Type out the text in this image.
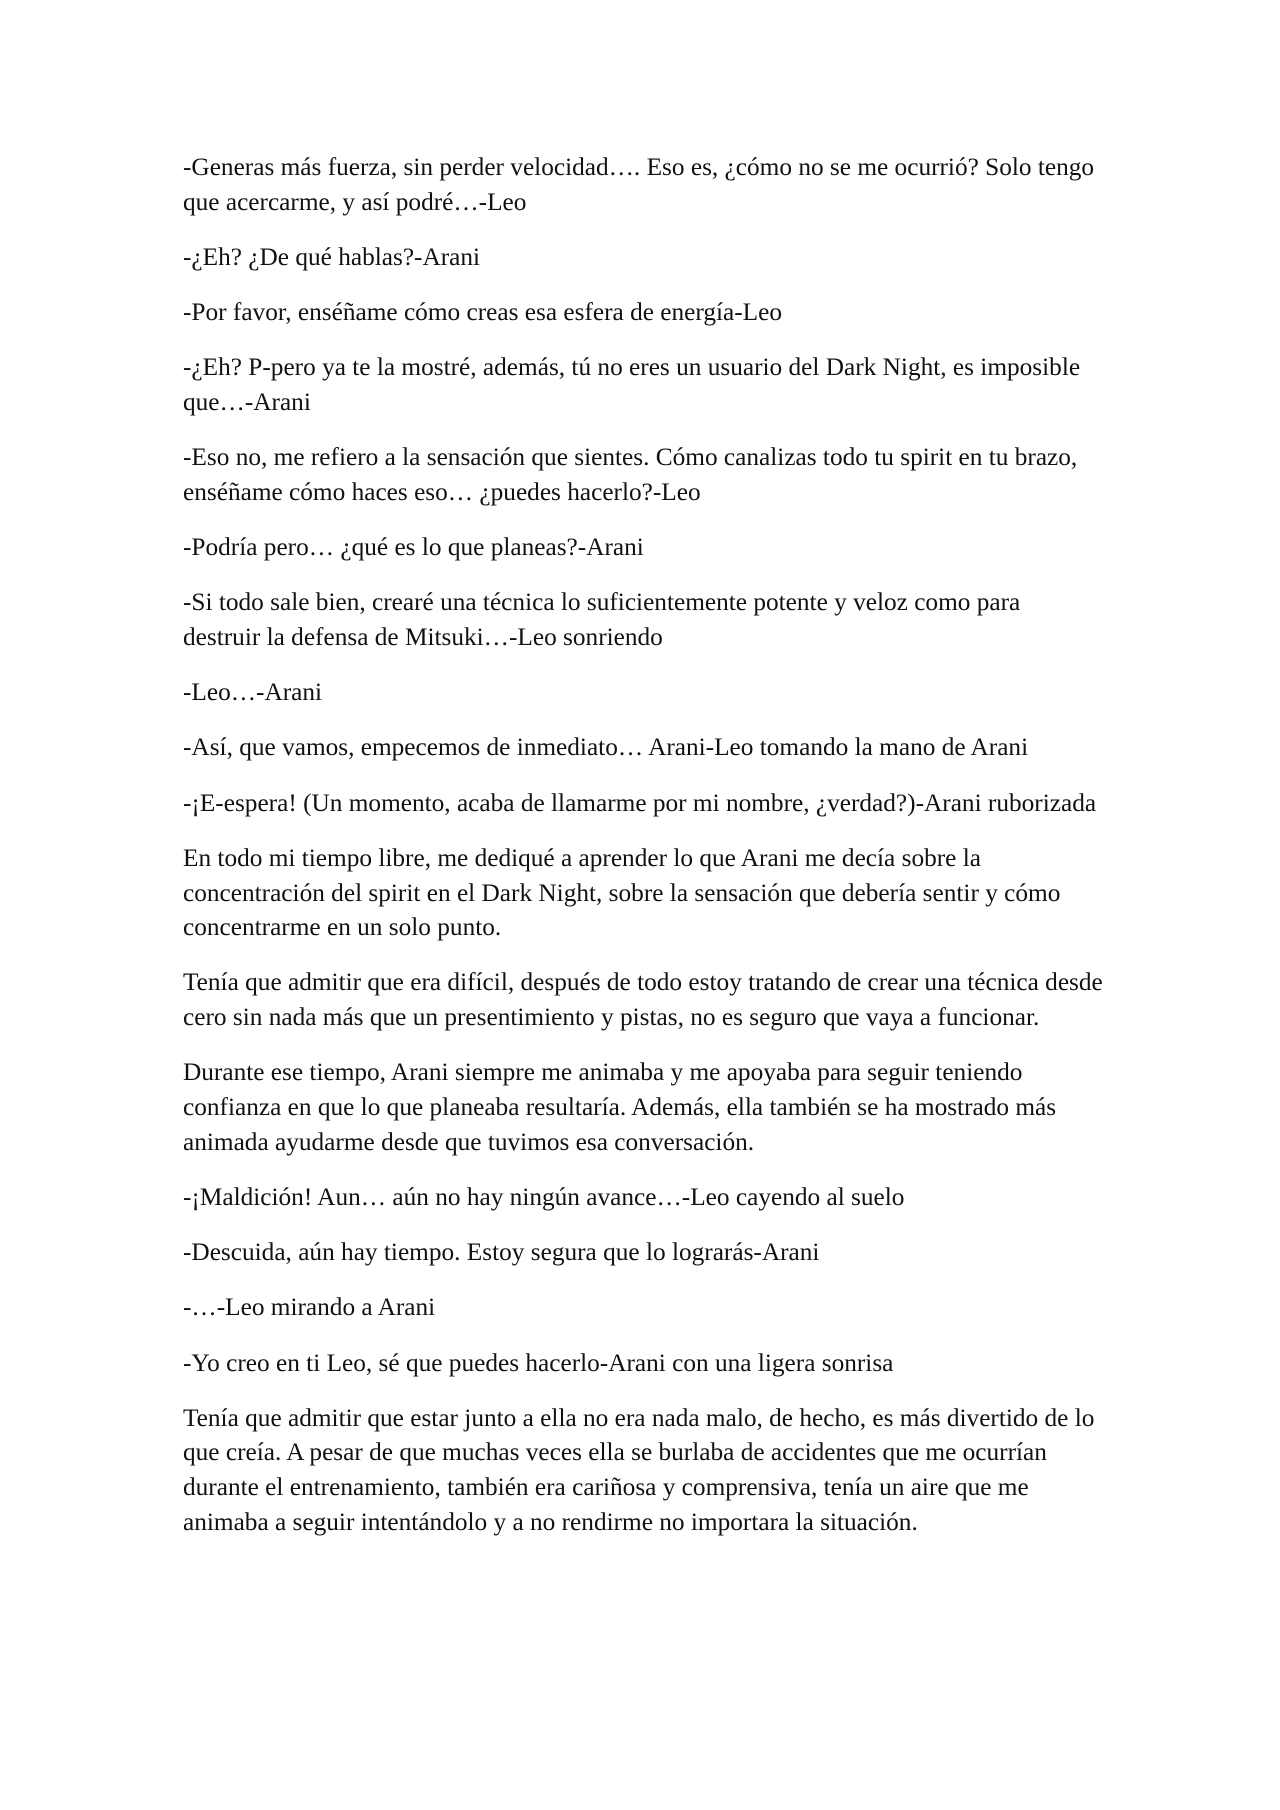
-Generas más fuerza, sin perder velocidad…. Eso es, ¿cómo no se me ocurrió? Solo tengo que acercarme, y así podré…-Leo

-¿Eh? ¿De qué hablas?-Arani

-Por favor, enséñame cómo creas esa esfera de energía-Leo

-¿Eh? P-pero ya te la mostré, además, tú no eres un usuario del Dark Night, es imposible que…-Arani

-Eso no, me refiero a la sensación que sientes. Cómo canalizas todo tu spirit en tu brazo, enséñame cómo haces eso… ¿puedes hacerlo?-Leo

-Podría pero… ¿qué es lo que planeas?-Arani

-Si todo sale bien, crearé una técnica lo suficientemente potente y veloz como para destruir la defensa de Mitsuki…-Leo sonriendo

-Leo…-Arani

-Así, que vamos, empecemos de inmediato… Arani-Leo tomando la mano de Arani

-¡E-espera! (Un momento, acaba de llamarme por mi nombre, ¿verdad?)-Arani ruborizada

En todo mi tiempo libre, me dediqué a aprender lo que Arani me decía sobre la concentración del spirit en el Dark Night, sobre la sensación que debería sentir y cómo concentrarme en un solo punto.

Tenía que admitir que era difícil, después de todo estoy tratando de crear una técnica desde cero sin nada más que un presentimiento y pistas, no es seguro que vaya a funcionar.

Durante ese tiempo, Arani siempre me animaba y me apoyaba para seguir teniendo confianza en que lo que planeaba resultaría. Además, ella también se ha mostrado más animada ayudarme desde que tuvimos esa conversación.

-¡Maldición! Aun… aún no hay ningún avance…-Leo cayendo al suelo

-Descuida, aún hay tiempo. Estoy segura que lo lograrás-Arani

-…-Leo mirando a Arani

-Yo creo en ti Leo, sé que puedes hacerlo-Arani con una ligera sonrisa

Tenía que admitir que estar junto a ella no era nada malo, de hecho, es más divertido de lo que creía. A pesar de que muchas veces ella se burlaba de accidentes que me ocurrían durante el entrenamiento, también era cariñosa y comprensiva, tenía un aire que me animaba a seguir intentándolo y a no rendirme no importara la situación.
